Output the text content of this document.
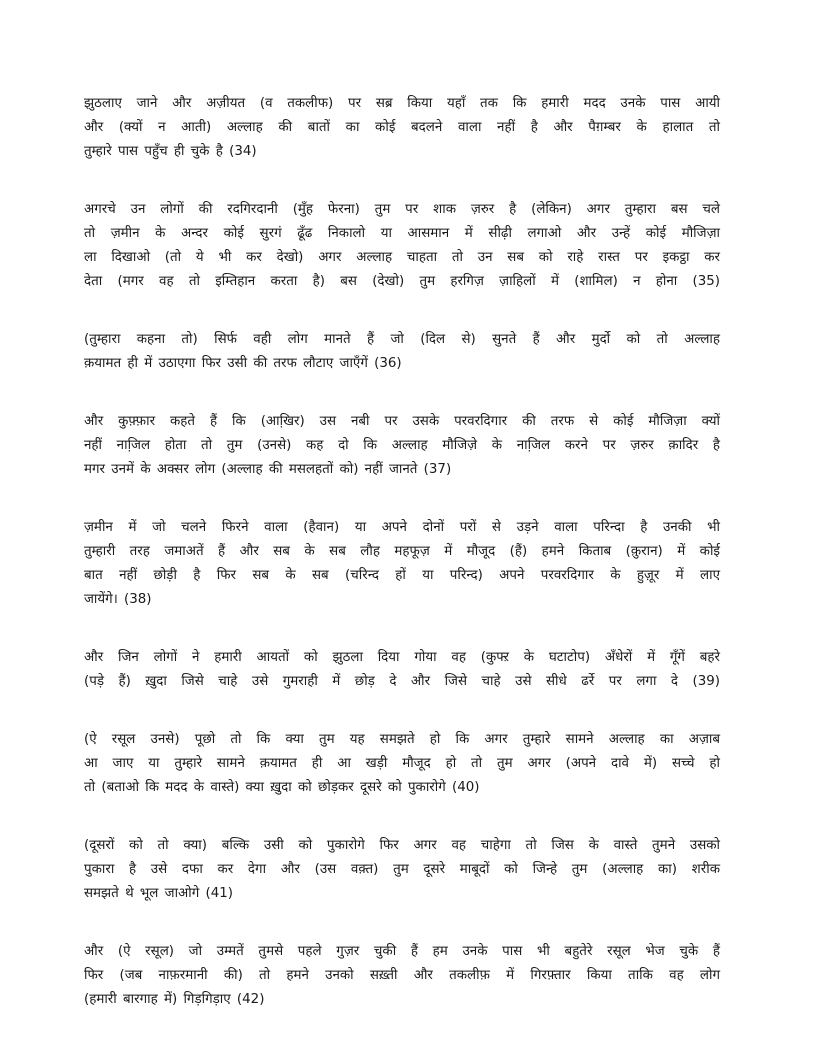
झुठलाए जाने और अज़ीयत (व तकलीफ) पर सब्र किया यहाँ तक कि हमारी मदद उनके पास आयी
और (क्यों न आती) अल्लाह की बातों का कोई बदलने वाला नहीं है और पैग़म्बर के हालात तो
तुम्हारे पास पहुँच ही चुके है (34)

अगरचे उन लोगों की रदगिरदानी (मुँह फेरना) तुम पर शाक ज़रुर है (लेकिन) अगर तुम्हारा बस चले
तो ज़मीन के अन्दर कोई सुरगं ढूँढ निकालो या आसमान में सीढ़ी लगाओ और उन्हें कोई मौजिज़ा
ला दिखाओ (तो ये भी कर देखो) अगर अल्लाह चाहता तो उन सब को राहे रास्त पर इकट्ठा कर
देता (मगर वह तो इम्तिहान करता है) बस (देखो) तुम हरगिज़ ज़ाहिलों में (शामिल) न होना (35)

(तुम्हारा कहना तो) सिर्फ वही लोग मानते हैं जो (दिल से) सुनते हैं और मुर्दो को तो अल्लाह
क़यामत ही में उठाएगा फिर उसी की तरफ लौटाए जाएँगें (36)

और कुफ़्फ़ार कहते हैं कि (आखि़र) उस नबी पर उसके परवरदिगार की तरफ से कोई मौजिज़ा क्यों
नहीं नाजि़ल होता तो तुम (उनसे) कह दो कि अल्लाह मौजिजे़ के नाजि़ल करने पर ज़रुर क़ादिर है
मगर उनमें के अक्सर लोग (अल्लाह की मसलहतों को) नहीं जानते (37)

ज़मीन में जो चलने फिरने वाला (हैवान) या अपने दोनों परों से उड़ने वाला परिन्दा है उनकी भी
तुम्हारी तरह जमाअतें हैं और सब के सब लौह महफूज़ में मौजूद (हैं) हमने किताब (क़ुरान) में कोई
बात नहीं छोड़ी है फिर सब के सब (चरिन्द हों या परिन्द) अपने परवरदिगार के हुज़ूर में लाए
जायेंगे। (38)

और जिन लोगों ने हमारी आयतों को झुठला दिया गोया वह (कुफ्ऱ के घटाटोप) अँधेरों में गूँगें बहरे
(पड़े हैं) ख़ुदा जिसे चाहे उसे गुमराही में छोड़ दे और जिसे चाहे उसे सीधे ढर्रे पर लगा दे (39)

(ऐ रसूल उनसे) पूछो तो कि क्या तुम यह समझते हो कि अगर तुम्हारे सामने अल्लाह का अज़ाब
आ जाए या तुम्हारे सामने क़यामत ही आ खड़ी मौजूद हो तो तुम अगर (अपने दावे में) सच्चे हो
तो (बताओ कि मदद के वास्ते) क्या ख़ुदा को छोड़कर दूसरे को पुकारोगे (40)

(दूसरों को तो क्या) बल्कि उसी को पुकारोगे फिर अगर वह चाहेगा तो जिस के वास्ते तुमने उसको
पुकारा है उसे दफा कर देगा और (उस वक़्त) तुम दूसरे माबूदों को जिन्हे तुम (अल्लाह का) शरीक
समझते थे भूल जाओगे (41)

और (ऐ रसूल) जो उम्मतें तुमसे पहले गुज़र चुकी हैं हम उनके पास भी बहुतेरे रसूल भेज चुके हैं
फिर (जब नाफ़रमानी की) तो हमने उनको सख़्ती और तकलीफ़ में गिरफ़्तार किया ताकि वह लोग
(हमारी बारगाह में) गिड़गिड़ाए (42)
